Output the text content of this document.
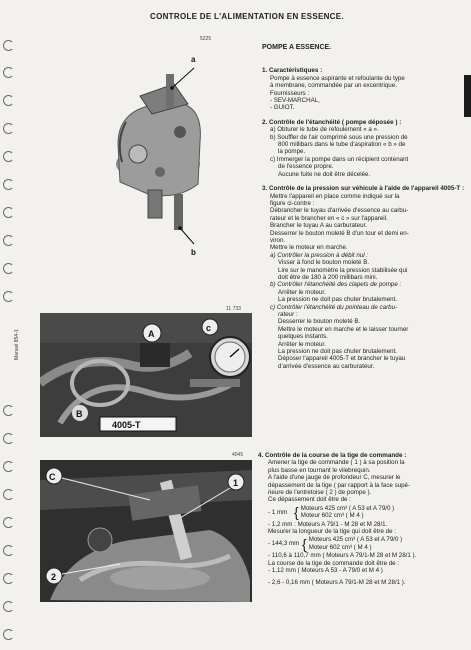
CONTROLE DE L'ALIMENTATION EN ESSENCE.
Manuel 854-1
5225
a
b
11 733
A
B
c
4005-T
4045
C
1
2
POMPE A ESSENCE.
1. Caractéristiques :

Pompe à essence aspirante et refoulante du type

à membrane, commandée par un excentrique.

Fournisseurs :

- SEV-MARCHAL,

- GUIOT.

2. Contrôle de l'étanchéité ( pompe déposée ) :

a) Obturer le tube de refoulement « a ».

b) Souffler de l'air comprimé sous une pression de

800 millibars dans le tube d'aspiration « b » de

la pompe.

c) Immerger la pompe dans un récipient contenant

de l'essence propre.

Aucune fuite ne doit être décelée.

3. Contrôle de la pression sur véhicule à l'aide de l'appareil 4005-T :

Mettre l'appareil en place comme indiqué sur la

figure ci-contre :

Débrancher le tuyau d'arrivée d'essence au carbu-

rateur et le brancher en « c » sur l'appareil.

Brancher le tuyau A au carburateur.

Desserrer le bouton moleté B d'un tour et demi en-

viron.

Mettre le moteur en marche.

a) Contrôler la pression à débit nul :

Visser à fond le bouton moleté B.

Lire sur le manomètre la pression stabilisée qui

doit être de 180 à 200 millibars mini.

b) Contrôler l'étanchéité des clapets de pompe :

Arrêter le moteur.

La pression ne doit pas chuter brutalement.

c) Contrôler l'étanchéité du pointeau de carbu-

rateur :

Desserrer le bouton moleté B.

Mettre le moteur en marche et le laisser tourner

quelques instants.

Arrêter le moteur.

La pression ne doit pas chuter brutalement.

Déposer l'appareil 4005-T et brancher le tuyau

d'arrivée d'essence au carburateur.

4. Contrôle de la course de la tige de commande :

Amener la tige de commande ( 1 ) à sa position la

plus basse en tournant le vilebrequin.

A l'aide d'une jauge de profondeur C, mesurer le

dépassement de la tige ( par rapport à la face supé-

rieure de l'entretoise ( 2 ) de pompe ).

Ce dépassement doit être de :

- 1 mm { Moteurs 425 cm³ ( A 53 et A 79/0 )

Moteur 602 cm³ ( M 4 )

- 1,2 mm : Moteurs A 79/1 - M 28 et M 28/1.

Mesurer la longueur de la tige qui doit être de :

- 144,3 mm { Moteurs 425 cm³ ( A 53 et A 79/0 )

Moteur 602 cm³ ( M 4 )

- 110,6 à 110,7 mm ( Moteurs A 79/1-M 28 et M 28/1 ).

La course de la tige de commande doit être de :

- 1,12 mm ( Moteurs A 53 - A 79/0 et M 4 )

- 2,6 - 0,16 mm ( Moteurs A 79/1-M 28 et M 28/1 ).
